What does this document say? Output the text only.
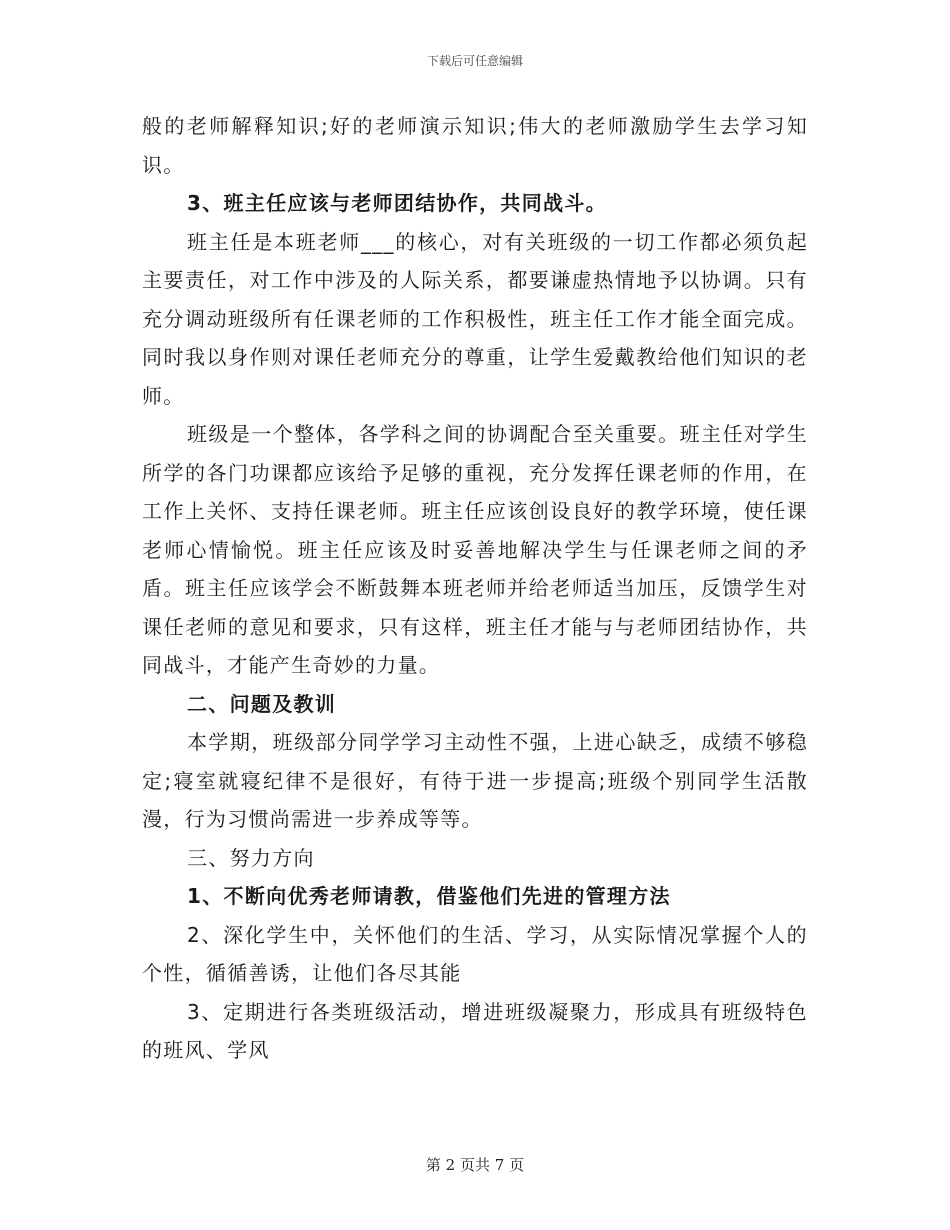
下载后可任意编辑

般的老师解释知识;好的老师演示知识;伟大的老师激励学生去学习知识。

3、班主任应该与老师团结协作，共同战斗。

班主任是本班老师___的核心，对有关班级的一切工作都必须负起主要责任，对工作中涉及的人际关系，都要谦虚热情地予以协调。只有充分调动班级所有任课老师的工作积极性，班主任工作才能全面完成。同时我以身作则对课任老师充分的尊重，让学生爱戴教给他们知识的老师。

班级是一个整体，各学科之间的协调配合至关重要。班主任对学生所学的各门功课都应该给予足够的重视，充分发挥任课老师的作用，在工作上关怀、支持任课老师。班主任应该创设良好的教学环境，使任课老师心情愉悦。班主任应该及时妥善地解决学生与任课老师之间的矛盾。班主任应该学会不断鼓舞本班老师并给老师适当加压，反馈学生对课任老师的意见和要求，只有这样，班主任才能与与老师团结协作，共同战斗，才能产生奇妙的力量。

二、问题及教训

本学期，班级部分同学学习主动性不强，上进心缺乏，成绩不够稳定;寝室就寝纪律不是很好，有待于进一步提高;班级个别同学生活散漫，行为习惯尚需进一步养成等等。

三、努力方向

1、不断向优秀老师请教，借鉴他们先进的管理方法

2、深化学生中，关怀他们的生活、学习，从实际情况掌握个人的个性，循循善诱，让他们各尽其能

3、定期进行各类班级活动，增进班级凝聚力，形成具有班级特色的班风、学风

第 2 页共 7 页
